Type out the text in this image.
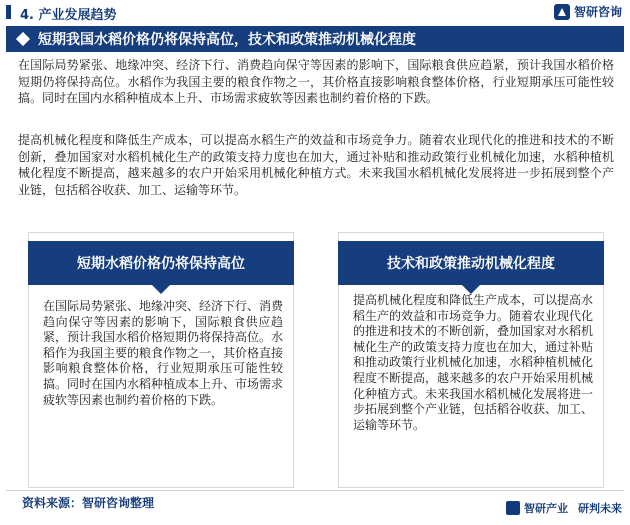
4. 产业发展趋势	智研咨询
短期我国水稻价格仍将保持高位，技术和政策推动机械化程度

在国际局势紧张、地缘冲突、经济下行、消费趋向保守等因素的影响下，国际粮食供应趋紧，预计我国水稻价格短期仍将保持高位。水稻作为我国主要的粮食作物之一，其价格直接影响粮食整体价格，行业短期承压可能性较搞。同时在国内水稻种植成本上升、市场需求疲软等因素也制约着价格的下跌。

提高机械化程度和降低生产成本，可以提高水稻生产的效益和市场竞争力。随着农业现代化的推进和技术的不断创新，叠加国家对水稻机械化生产的政策支持力度也在加大，通过补贴和推动政策行业机械化加速，水稻种植机械化程度不断提高，越来越多的农户开始采用机械化种植方式。未来我国水稻机械化发展将进一步拓展到整个产业链，包括稻谷收获、加工、运输等环节。

短期水稻价格仍将保持高位

在国际局势紧张、地缘冲突、经济下行、消费趋向保守等因素的影响下，国际粮食供应趋紧，预计我国水稻价格短期仍将保持高位。水稻作为我国主要的粮食作物之一，其价格直接影响粮食整体价格，行业短期承压可能性较搞。同时在国内水稻种植成本上升、市场需求疲软等因素也制约着价格的下跌。

技术和政策推动机械化程度

提高机械化程度和降低生产成本，可以提高水稻生产的效益和市场竞争力。随着农业现代化的推进和技术的不断创新，叠加国家对水稻机械化生产的政策支持力度也在加大，通过补贴和推动政策行业机械化加速，水稻种植机械化程度不断提高，越来越多的农户开始采用机械化种植方式。未来我国水稻机械化发展将进一步拓展到整个产业链，包括稻谷收获、加工、运输等环节。

资料来源：智研咨询整理	智研产业 研判未来
